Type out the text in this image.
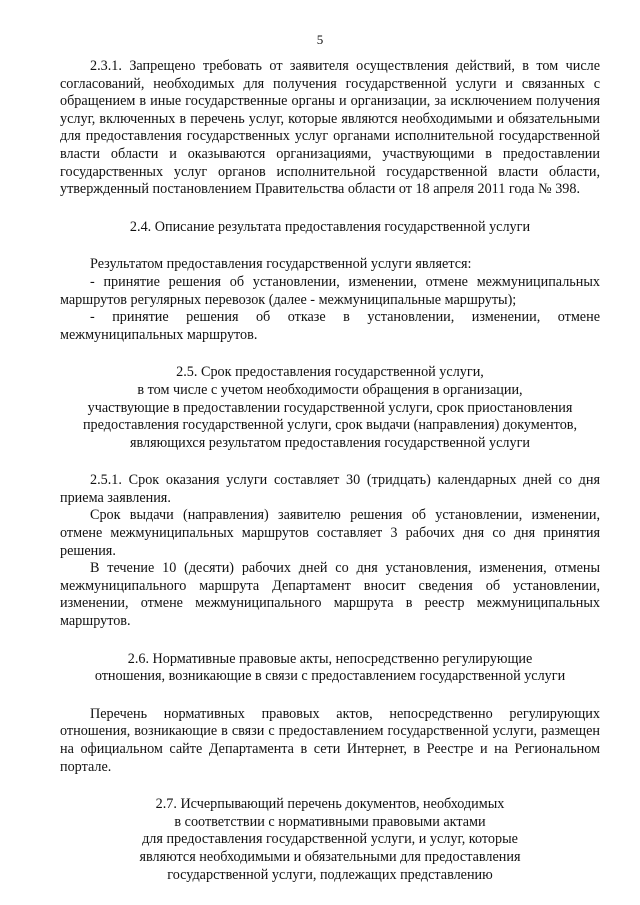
5

2.3.1. Запрещено требовать от заявителя осуществления действий, в том числе согласований, необходимых для получения государственной услуги и связанных с обращением в иные государственные органы и организации, за исключением получения услуг, включенных в перечень услуг, которые являются необходимыми и обязательными для предоставления государственных услуг органами исполнительной государственной власти области и оказываются организациями, участвующими в предоставлении государственных услуг органов исполнительной государственной власти области, утвержденный постановлением Правительства области от 18 апреля 2011 года № 398.

2.4. Описание результата предоставления государственной услуги

Результатом предоставления государственной услуги является:

- принятие решения об установлении, изменении, отмене межмуниципальных маршрутов регулярных перевозок (далее - межмуниципальные маршруты);

- принятие решения об отказе в установлении, изменении, отмене межмуниципальных маршрутов.

2.5. Срок предоставления государственной услуги,
в том числе с учетом необходимости обращения в организации,
участвующие в предоставлении государственной услуги, срок приостановления
предоставления государственной услуги, срок выдачи (направления) документов,
являющихся результатом предоставления государственной услуги

2.5.1. Срок оказания услуги составляет 30 (тридцать) календарных дней со дня приема заявления.

Срок выдачи (направления) заявителю решения об установлении, изменении, отмене межмуниципальных маршрутов составляет 3 рабочих дня со дня принятия решения.

В течение 10 (десяти) рабочих дней со дня установления, изменения, отмены межмуниципального маршрута Департамент вносит сведения об установлении, изменении, отмене межмуниципального маршрута в реестр межмуниципальных маршрутов.

2.6. Нормативные правовые акты, непосредственно регулирующие
отношения, возникающие в связи с предоставлением государственной услуги

Перечень нормативных правовых актов, непосредственно регулирующих отношения, возникающие в связи с предоставлением государственной услуги, размещен на официальном сайте Департамента в сети Интернет, в Реестре и на Региональном портале.

2.7. Исчерпывающий перечень документов, необходимых
в соответствии с нормативными правовыми актами
для предоставления государственной услуги, и услуг, которые
являются необходимыми и обязательными для предоставления
государственной услуги, подлежащих представлению
